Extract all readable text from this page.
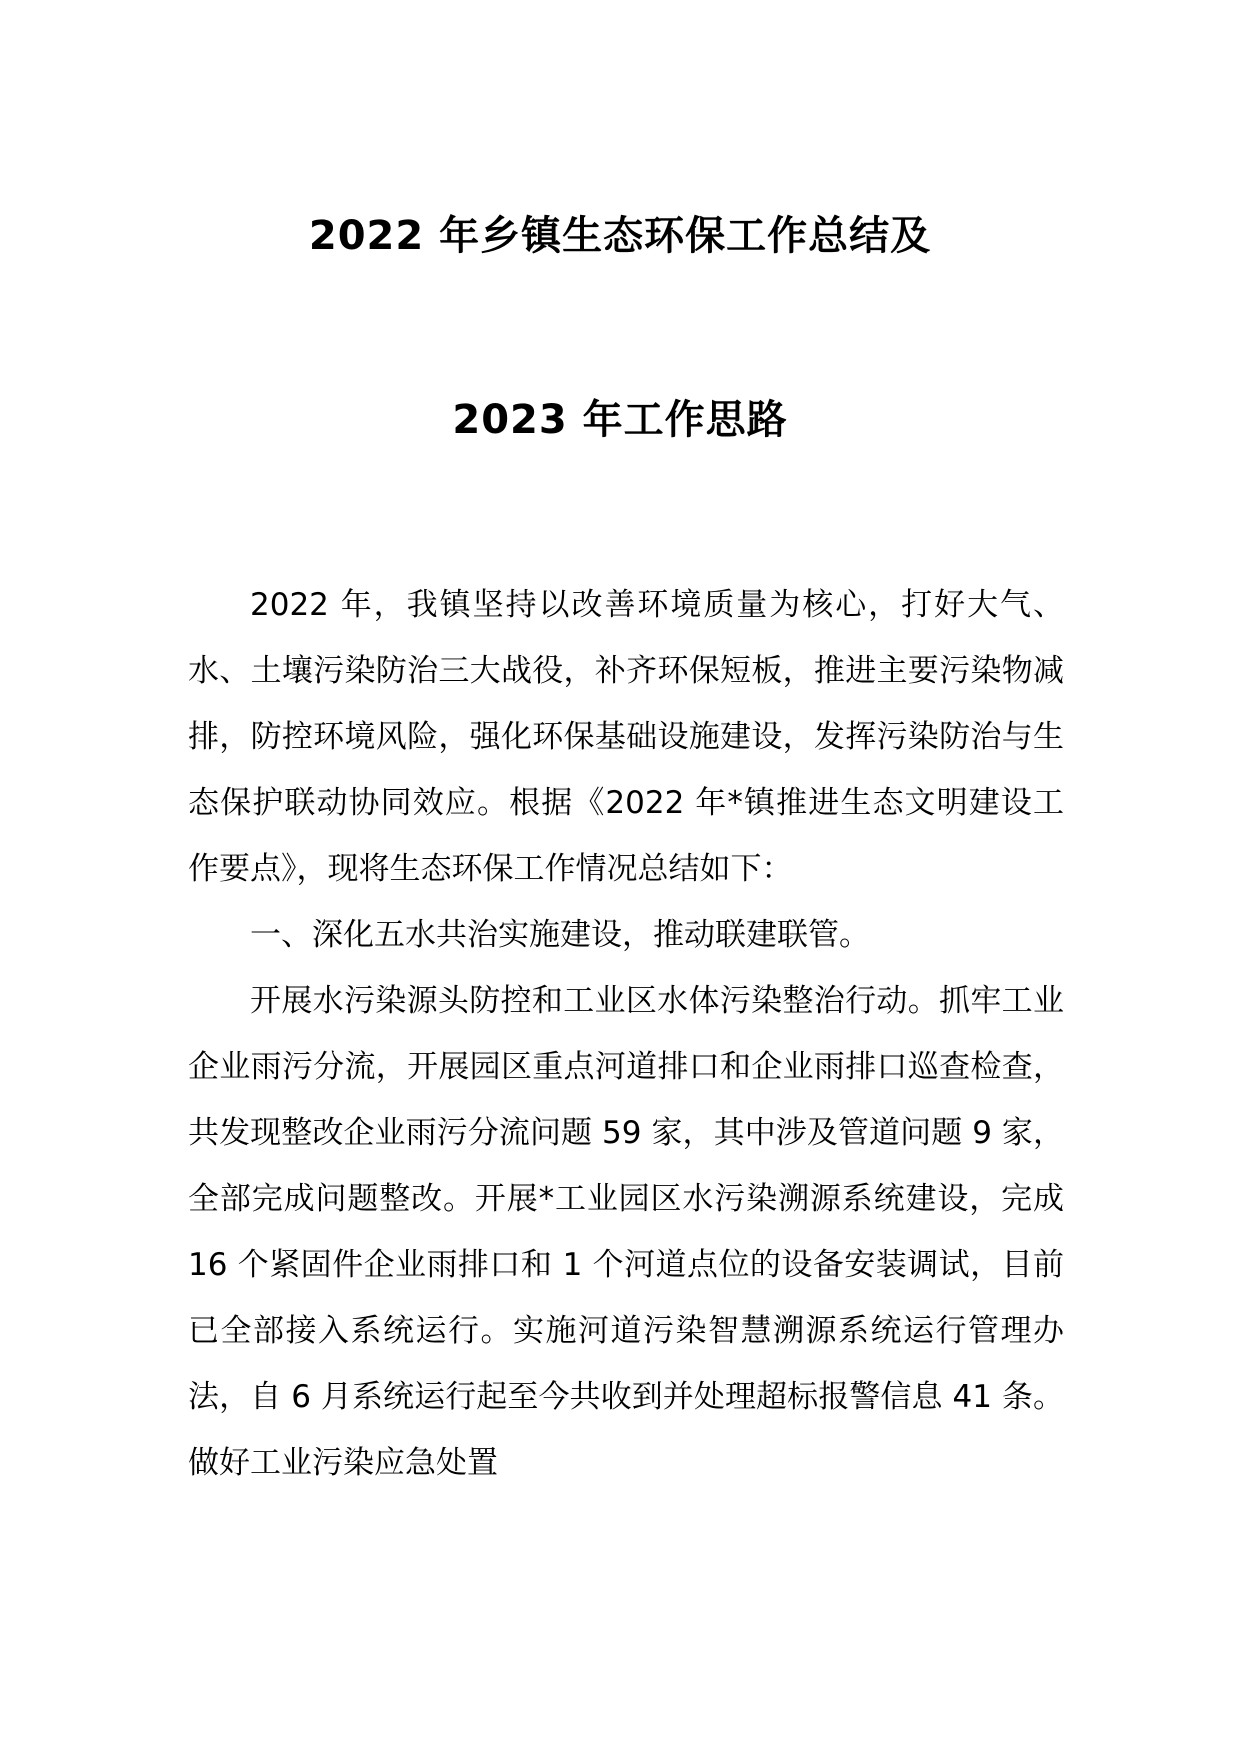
2022 年乡镇生态环保工作总结及
2023 年工作思路

2022 年，我镇坚持以改善环境质量为核心，打好大气、水、土壤污染防治三大战役，补齐环保短板，推进主要污染物减排，防控环境风险，强化环保基础设施建设，发挥污染防治与生态保护联动协同效应。根据《2022 年*镇推进生态文明建设工作要点》，现将生态环保工作情况总结如下：

一、深化五水共治实施建设，推动联建联管。

开展水污染源头防控和工业区水体污染整治行动。抓牢工业企业雨污分流，开展园区重点河道排口和企业雨排口巡查检查，共发现整改企业雨污分流问题 59 家，其中涉及管道问题 9 家，全部完成问题整改。开展*工业园区水污染溯源系统建设，完成 16 个紧固件企业雨排口和 1 个河道点位的设备安装调试，目前已全部接入系统运行。实施河道污染智慧溯源系统运行管理办法，自 6 月系统运行起至今共收到并处理超标报警信息 41 条。做好工业污染应急处置
